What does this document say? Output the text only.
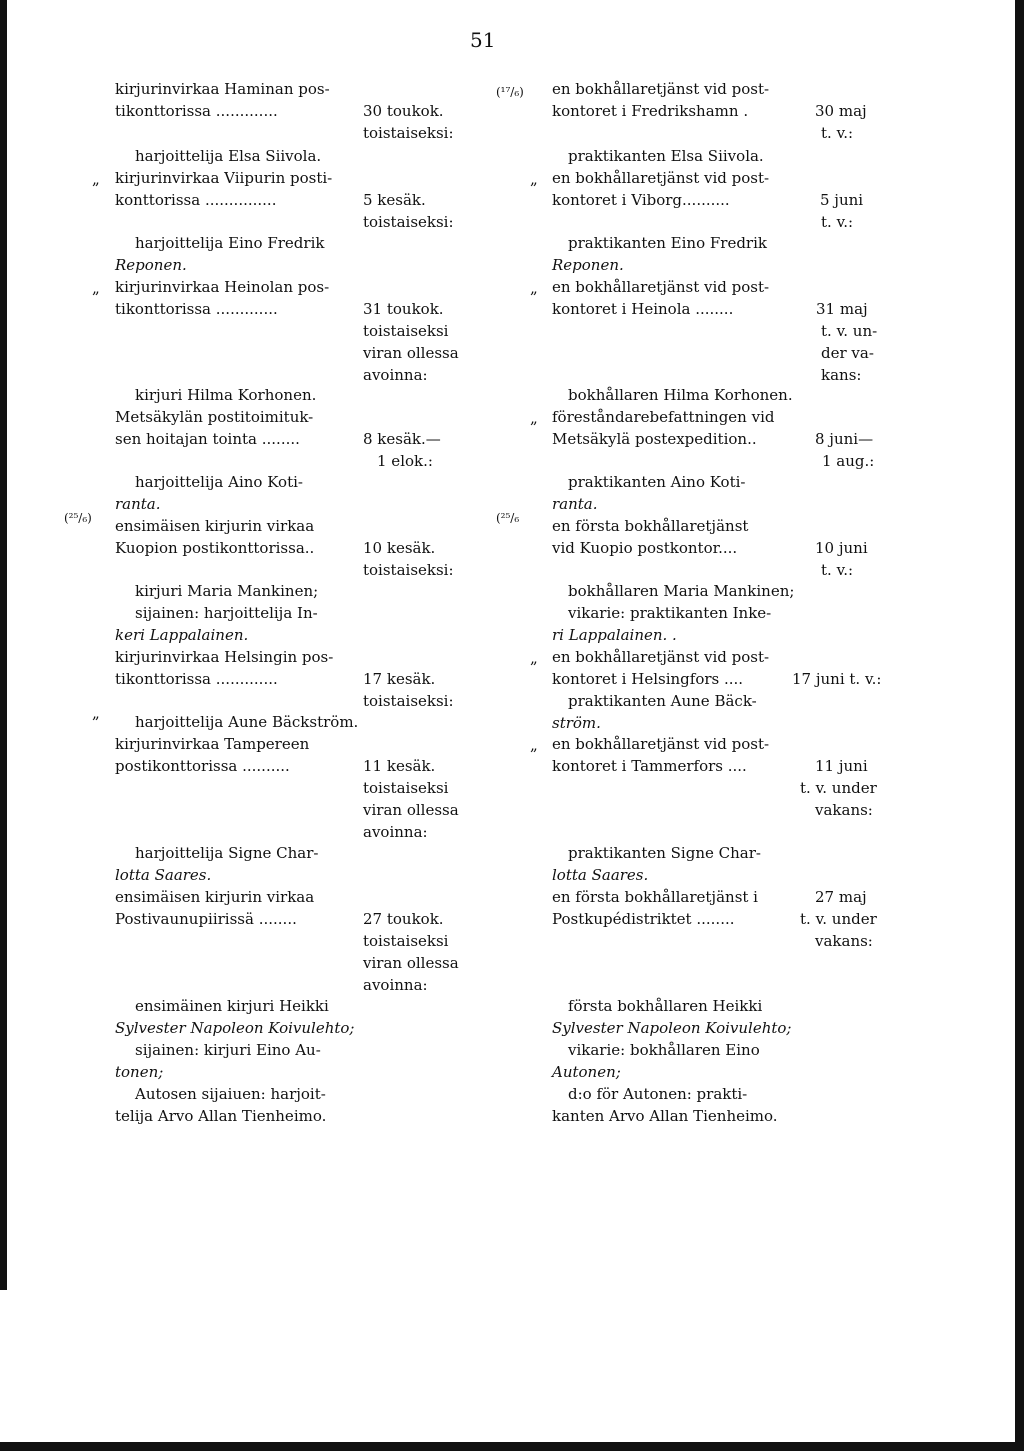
51
„
„
(²⁵/₆)
„
kirjurinvirkaa Haminan pos-
tikonttorissa .............
harjoittelija Elsa Siivola.
kirjurinvirkaa Viipurin posti-
konttorissa ...............
harjoittelija Eino Fredrik
Reponen.
kirjurinvirkaa Heinolan pos-
tikonttorissa .............
kirjuri Hilma Korhonen.
Metsäkylän postitoimituk-
sen hoitajan tointa ........
harjoittelija Aino Koti-
ranta.
ensimäisen kirjurin virkaa
Kuopion postikonttorissa..
kirjuri Maria Mankinen;
sijainen: harjoittelija In-
keri Lappalainen.
kirjurinvirkaa Helsingin pos-
tikonttorissa .............
harjoittelija Aune Bäckström.
kirjurinvirkaa Tampereen
postikonttorissa ..........
harjoittelija Signe Char-
lotta Saares.
ensimäisen kirjurin virkaa
Postivaunupiirissä ........
ensimäinen kirjuri Heikki
Sylvester Napoleon Koivulehto;
sijainen: kirjuri Eino Au-
tonen;
Autosen sijaiuen: harjoit-
telija Arvo Allan Tienheimo.
30 toukok.
toistaiseksi:
5 kesäk.
toistaiseksi:
31 toukok.
toistaiseksi
viran ollessa
avoinna:
8 kesäk.—
1 elok.:
10 kesäk.
toistaiseksi:
17 kesäk.
toistaiseksi:
11 kesäk.
toistaiseksi
viran ollessa
avoinna:
27 toukok.
toistaiseksi
viran ollessa
avoinna:
(¹⁷/₆)
„
„
„
(²⁵/₆
„
„
en bokhållaretjänst vid post-
kontoret i Fredrikshamn .
praktikanten Elsa Siivola.
en bokhållaretjänst vid post-
kontoret i Viborg..........
praktikanten Eino Fredrik
Reponen.
en bokhållaretjänst vid post-
kontoret i Heinola ........
bokhållaren Hilma Korhonen.
föreståndarebefattningen vid
Metsäkylä postexpedition..
praktikanten Aino Koti-
ranta.
en första bokhållaretjänst
vid Kuopio postkontor....
bokhållaren Maria Mankinen;
vikarie: praktikanten Inke-
ri Lappalainen. .
en bokhållaretjänst vid post-
kontoret i Helsingfors ....
praktikanten Aune Bäck-
ström.
en bokhållaretjänst vid post-
kontoret i Tammerfors ....
praktikanten Signe Char-
lotta Saares.
en första bokhållaretjänst i
Postkupédistriktet ........
första bokhållaren Heikki
Sylvester Napoleon Koivulehto;
vikarie: bokhållaren Eino
Autonen;
d:o för Autonen: prakti-
kanten Arvo Allan Tienheimo.
30 maj
t. v.:
5 juni
t. v.:
31 maj
t. v. un-
der va-
kans:
8 juni—
1 aug.:
10 juni
t. v.:
17 juni t. v.:
11 juni
t. v. under
vakans:
27 maj
t. v. under
vakans:
